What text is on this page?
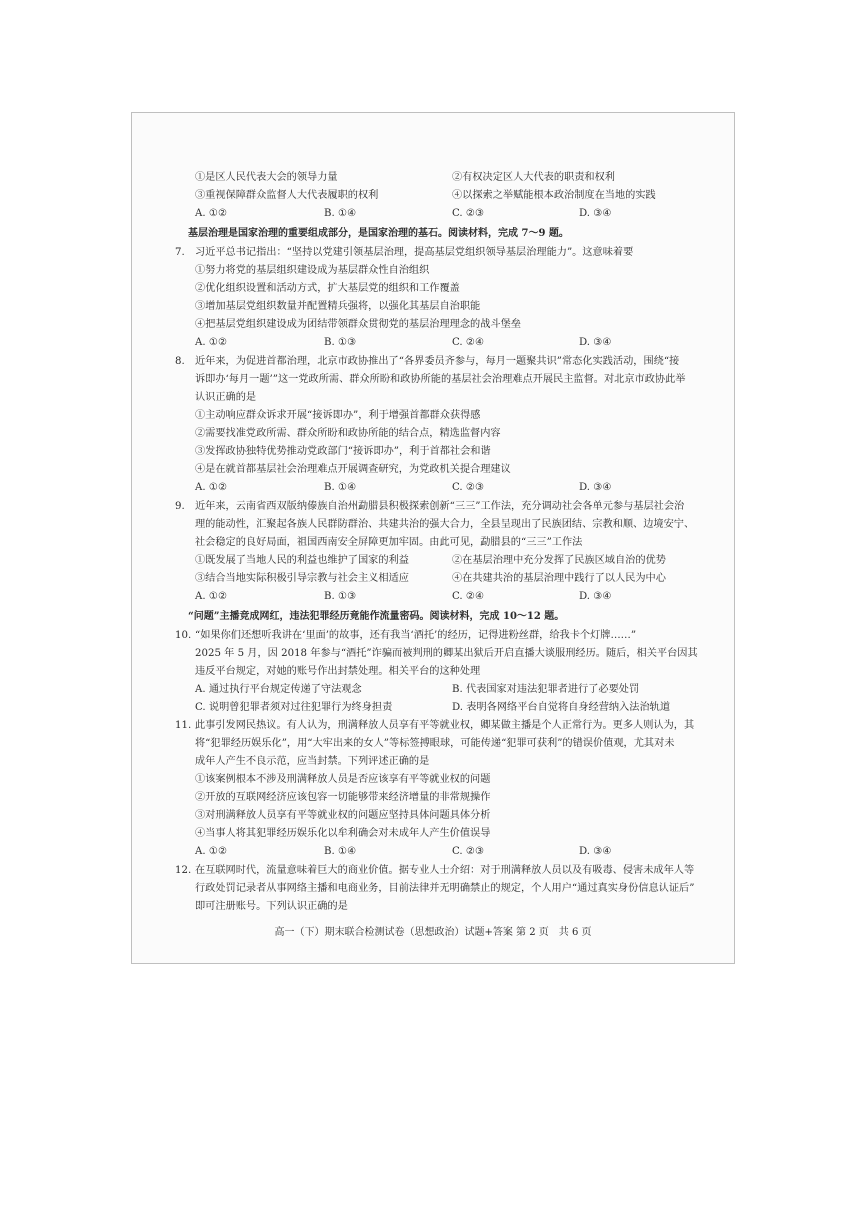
①是区人民代表大会的领导力量	②有权决定区人大代表的职责和权利
③重视保障群众监督人大代表履职的权利	④以探索之举赋能根本政治制度在当地的实践
A. ①②	B. ①④	C. ②③	D. ③④
基层治理是国家治理的重要组成部分，是国家治理的基石。阅读材料，完成 7～9 题。
7. 习近平总书记指出：“坚持以党建引领基层治理，提高基层党组织领导基层治理能力”。这意味着要
①努力将党的基层组织建设成为基层群众性自治组织
②优化组织设置和活动方式，扩大基层党的组织和工作覆盖
③增加基层党组织数量并配置精兵强将，以强化其基层自治职能
④把基层党组织建设成为团结带领群众贯彻党的基层治理理念的战斗堡垒
A. ①②	B. ①③	C. ②④	D. ③④
8. 近年来，为促进首都治理，北京市政协推出了“各界委员齐参与，每月一题聚共识”常态化实践活动，围绕“接
诉即办‘每月一题’”这一党政所需、群众所盼和政协所能的基层社会治理难点开展民主监督。对北京市政协此举
认识正确的是
①主动响应群众诉求开展“接诉即办”，利于增强首都群众获得感
②需要找准党政所需、群众所盼和政协所能的结合点，精选监督内容
③发挥政协独特优势推动党政部门“接诉即办”，利于首都社会和谐
④是在就首都基层社会治理难点开展调查研究，为党政机关提合理建议
A. ①②	B. ①④	C. ②③	D. ③④
9. 近年来，云南省西双版纳傣族自治州勐腊县积极探索创新“三三”工作法，充分调动社会各单元参与基层社会治
理的能动性，汇聚起各族人民群防群治、共建共治的强大合力，全县呈现出了民族团结、宗教和顺、边境安宁、
社会稳定的良好局面，祖国西南安全屏障更加牢固。由此可见，勐腊县的“三三”工作法
①既发展了当地人民的利益也维护了国家的利益	②在基层治理中充分发挥了民族区域自治的优势
③结合当地实际积极引导宗教与社会主义相适应	④在共建共治的基层治理中践行了以人民为中心
A. ①②	B. ①③	C. ②④	D. ③④
“问题”主播竞成网红，违法犯罪经历竟能作流量密码。阅读材料，完成 10～12 题。
10. “如果你们还想听我讲在‘里面’的故事，还有我当‘酒托’的经历，记得进粉丝群，给我卡个灯牌……”
2025 年 5 月，因 2018 年参与“酒托”诈骗而被判刑的卿某出狱后开启直播大谈服刑经历。随后，相关平台因其
违反平台规定，对她的账号作出封禁处理。相关平台的这种处理
A. 通过执行平台规定传递了守法观念	B. 代表国家对违法犯罪者进行了必要处罚
C. 说明曾犯罪者须对过往犯罪行为终身担责	D. 表明各网络平台自觉将自身经营纳入法治轨道
11. 此事引发网民热议。有人认为，刑满释放人员享有平等就业权，卿某做主播是个人正常行为。更多人则认为，其
将“犯罪经历娱乐化”，用“大牢出来的女人”等标签搏眼球，可能传递“犯罪可获利”的错误价值观，尤其对未
成年人产生不良示范，应当封禁。下列评述正确的是
①该案例根本不涉及刑满释放人员是否应该享有平等就业权的问题
②开放的互联网经济应该包容一切能够带来经济增量的非常规操作
③对刑满释放人员享有平等就业权的问题应坚持具体问题具体分析
④当事人将其犯罪经历娱乐化以牟利确会对未成年人产生价值误导
A. ①②	B. ①④	C. ②③	D. ③④
12. 在互联网时代，流量意味着巨大的商业价值。据专业人士介绍：对于刑满释放人员以及有吸毒、侵害未成年人等
行政处罚记录者从事网络主播和电商业务，目前法律并无明确禁止的规定，个人用户“通过真实身份信息认证后”
即可注册账号。下列认识正确的是
高一（下）期末联合检测试卷（思想政治）试题+答案 第 2 页　共 6 页
